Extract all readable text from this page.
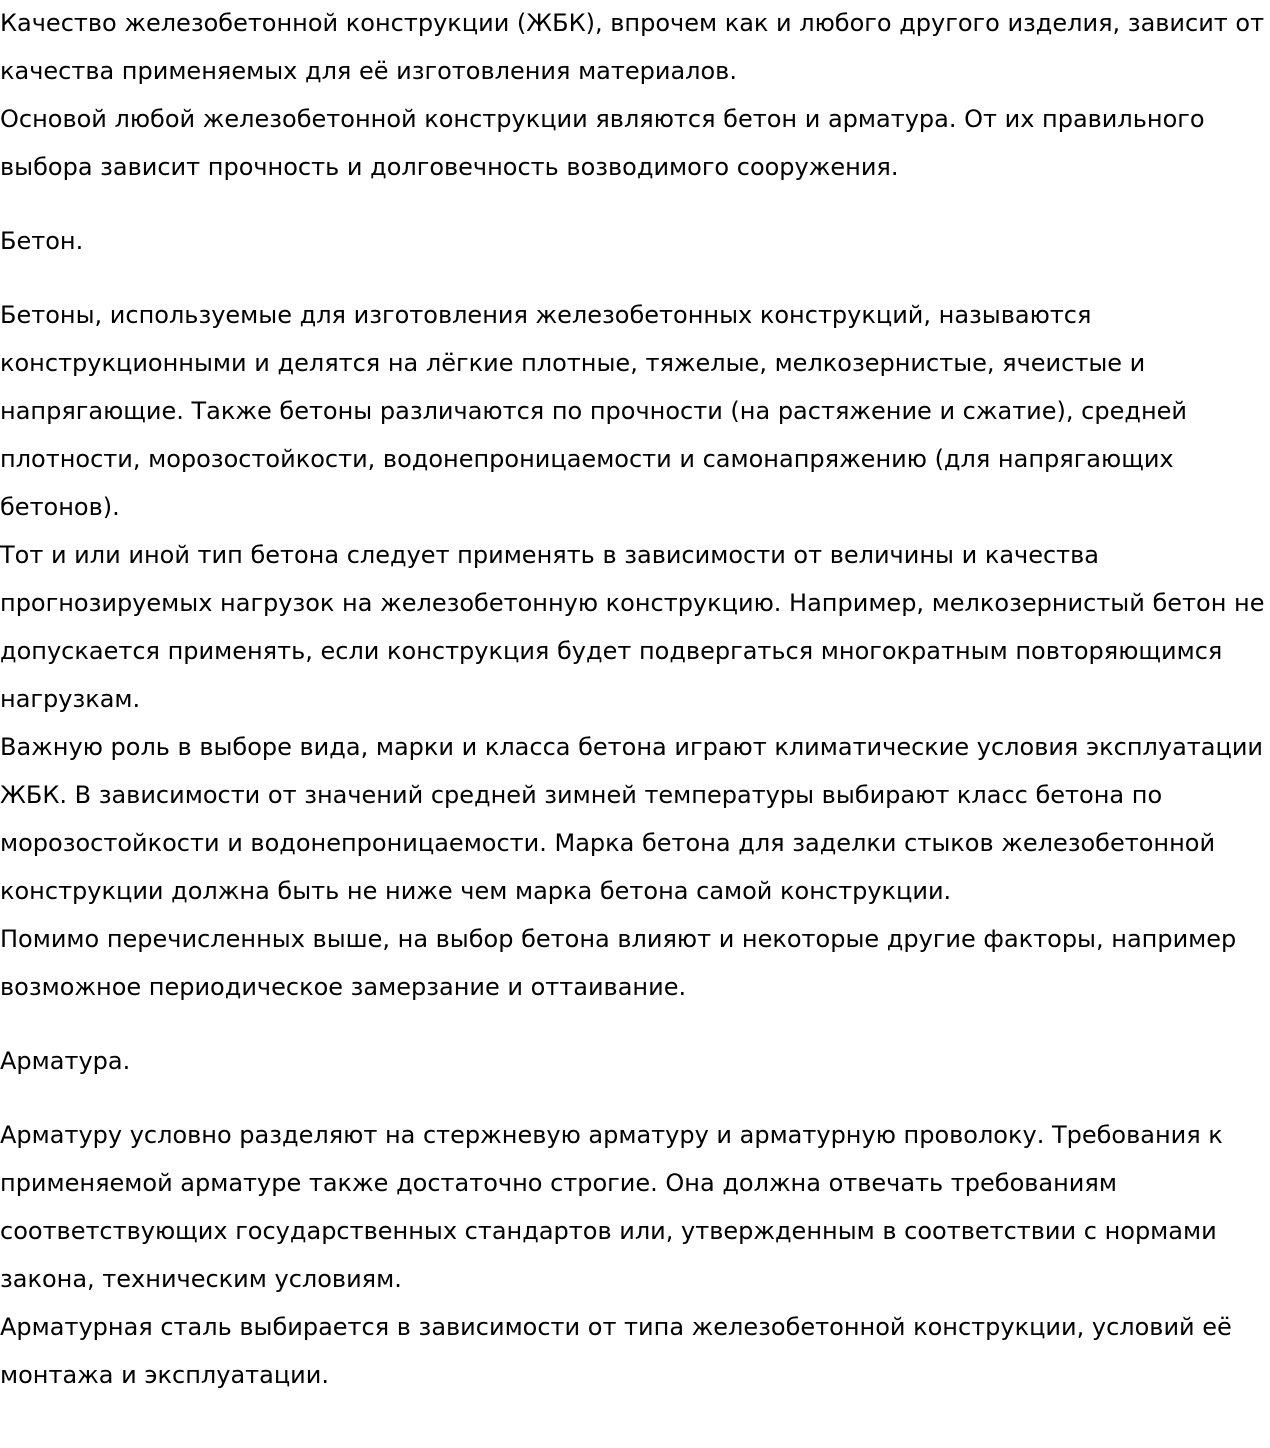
Качество железобетонной конструкции (ЖБК), впрочем как и любого другого изделия, зависит от качества применяемых для её изготовления материалов.

Основой любой железобетонной конструкции являются бетон и арматура. От их правильного выбора зависит прочность и долговечность возводимого сооружения.

Бетон.

Бетоны, используемые для изготовления железобетонных конструкций, называются конструкционными и делятся на лёгкие плотные, тяжелые, мелкозернистые, ячеистые и напрягающие. Также бетоны различаются по прочности (на растяжение и сжатие), средней плотности, морозостойкости, водонепроницаемости и самонапряжению (для напрягающих бетонов).

Тот и или иной тип бетона следует применять в зависимости от величины и качества прогнозируемых нагрузок на железобетонную конструкцию. Например, мелкозернистый бетон не допускается применять, если конструкция будет подвергаться многократным повторяющимся нагрузкам.

Важную роль в выборе вида, марки и класса бетона играют климатические условия эксплуатации ЖБК. В зависимости от значений средней зимней температуры выбирают класс бетона по морозостойкости и водонепроницаемости. Марка бетона для заделки стыков железобетонной конструкции должна быть не ниже чем марка бетона самой конструкции.

Помимо перечисленных выше, на выбор бетона влияют и некоторые другие факторы, например возможное периодическое замерзание и оттаивание.

Арматура.

Арматуру условно разделяют на стержневую арматуру и арматурную проволоку. Требования к применяемой арматуре также достаточно строгие. Она должна отвечать требованиям соответствующих государственных стандартов или, утвержденным в соответствии с нормами закона, техническим условиям.

Арматурная сталь выбирается в зависимости от типа железобетонной конструкции, условий её монтажа и эксплуатации.
